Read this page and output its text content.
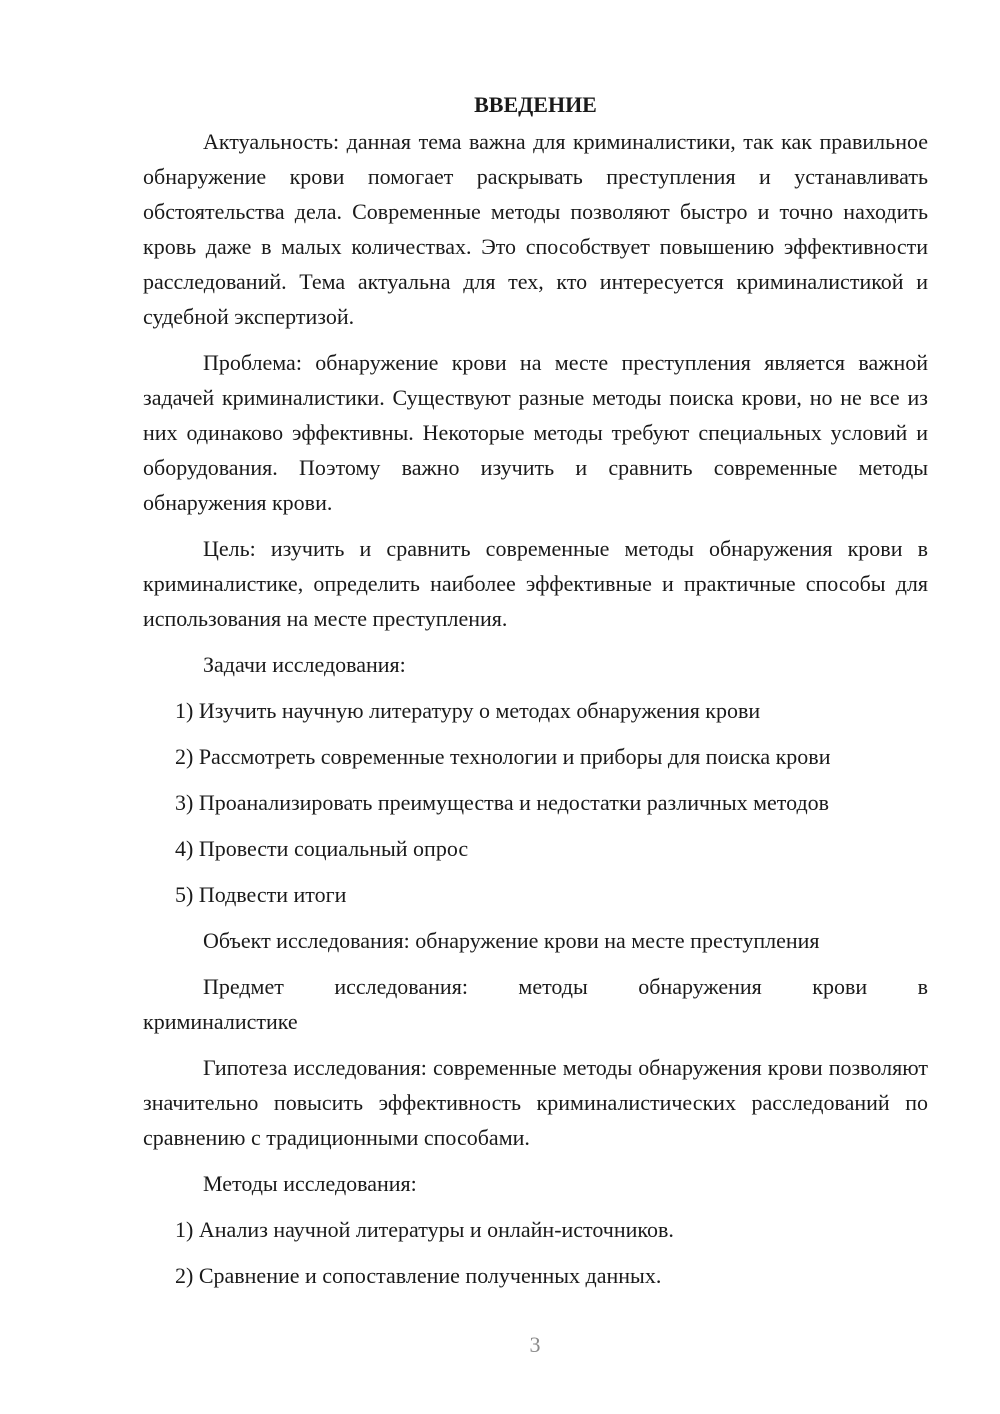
ВВЕДЕНИЕ

Актуальность: данная тема важна для криминалистики, так как правильное обнаружение крови помогает раскрывать преступления и устанавливать обстоятельства дела. Современные методы позволяют быстро и точно находить кровь даже в малых количествах. Это способствует повышению эффективности расследований. Тема актуальна для тех, кто интересуется криминалистикой и судебной экспертизой.

Проблема: обнаружение крови на месте преступления является важной задачей криминалистики. Существуют разные методы поиска крови, но не все из них одинаково эффективны. Некоторые методы требуют специальных условий и оборудования. Поэтому важно изучить и сравнить современные методы обнаружения крови.

Цель: изучить и сравнить современные методы обнаружения крови в криминалистике, определить наиболее эффективные и практичные способы для использования на месте преступления.

Задачи исследования:
1) Изучить научную литературу о методах обнаружения крови
2) Рассмотреть современные технологии и приборы для поиска крови
3) Проанализировать преимущества и недостатки различных методов
4) Провести социальный опрос
5) Подвести итоги
Объект исследования: обнаружение крови на месте преступления
Предмет исследования: методы обнаружения крови в
криминалистике

Гипотеза исследования: современные методы обнаружения крови позволяют значительно повысить эффективность криминалистических расследований по сравнению с традиционными способами.

Методы исследования:
1) Анализ научной литературы и онлайн-источников.
2) Сравнение и сопоставление полученных данных.
3
